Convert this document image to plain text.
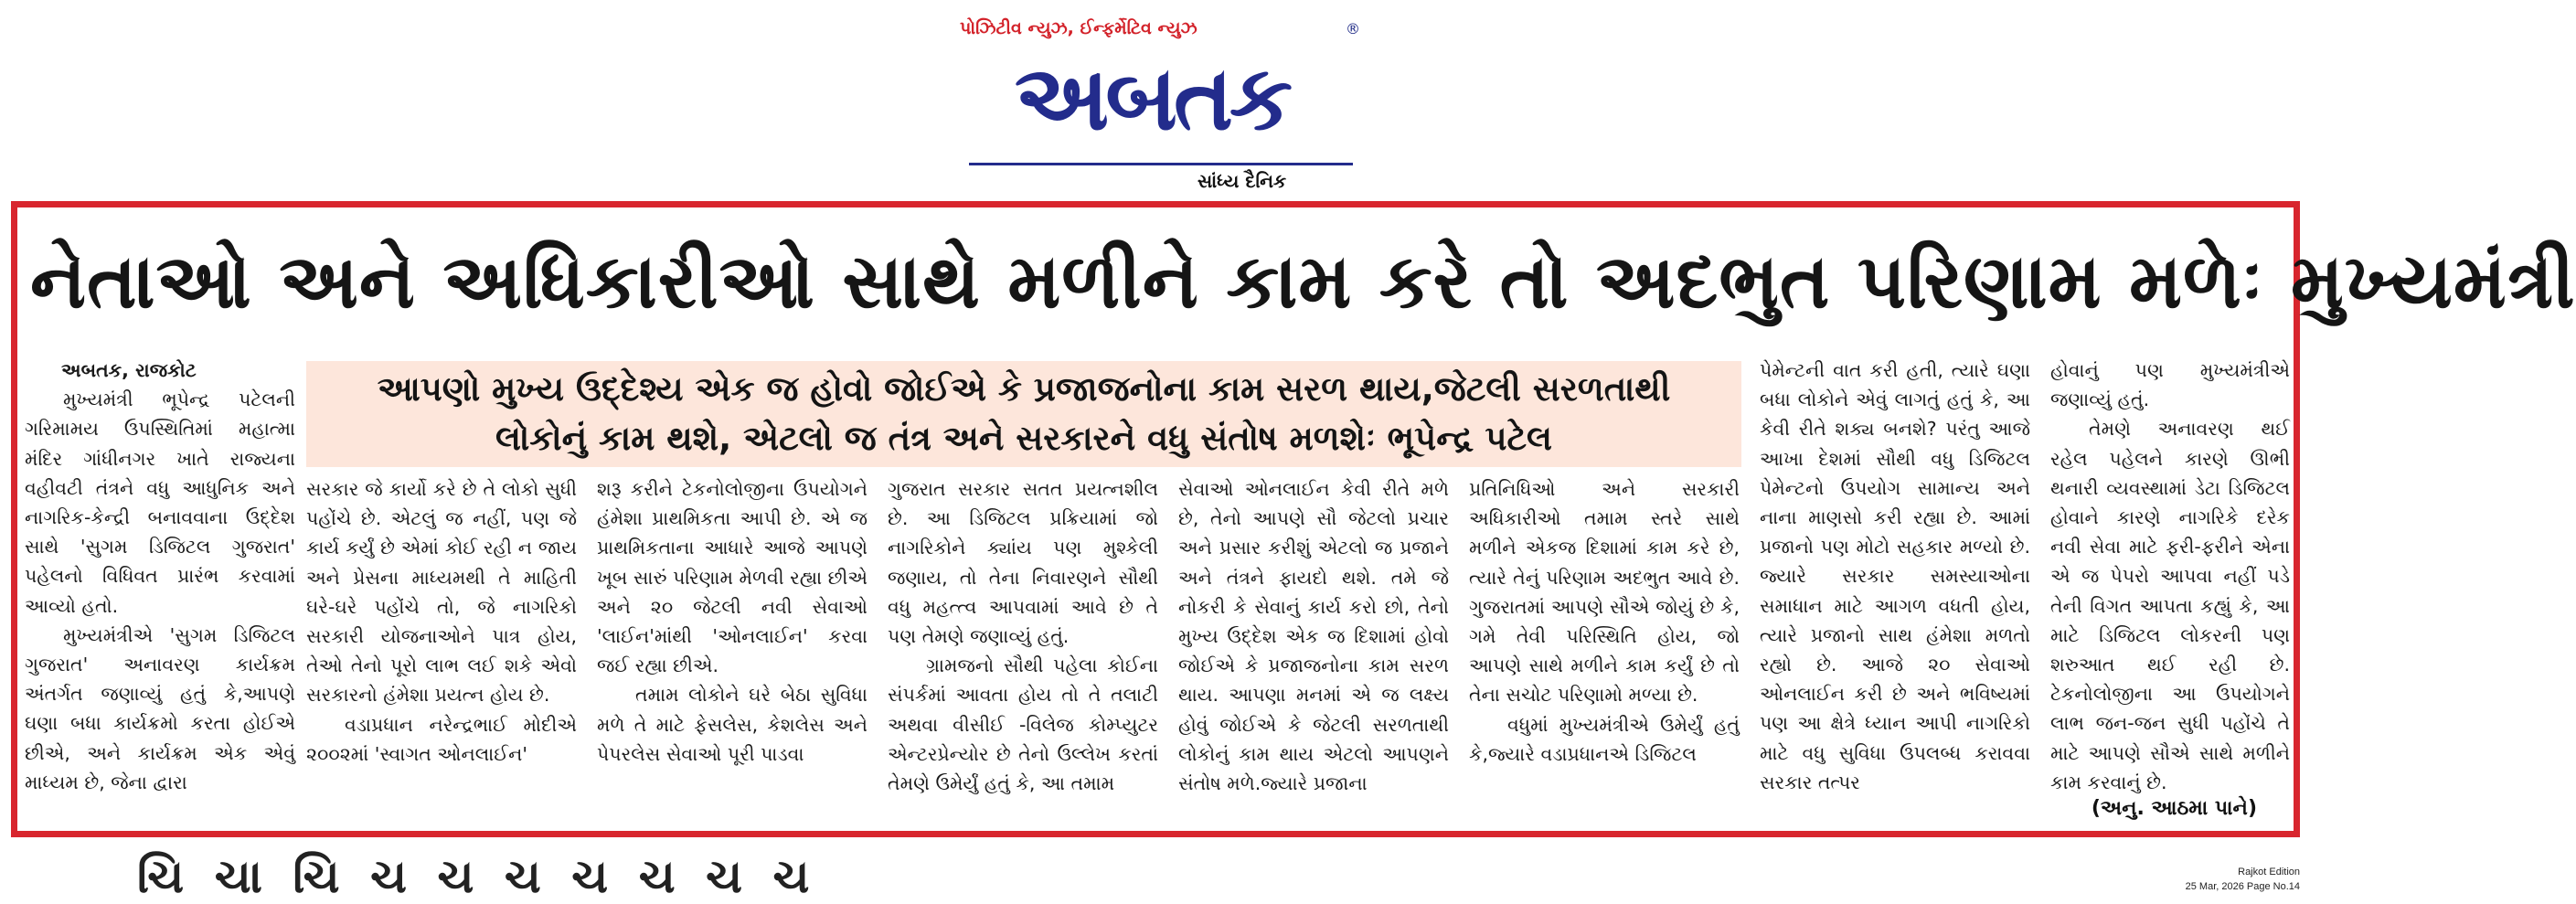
પોઝિટીવ ન્યુઝ, ઈન્ફર્મેટિવ ન્યુઝ	®
અબતક
સાંધ્ય દૈનિક
નેતાઓ અને અધિકારીઓ સાથે મળીને કામ કરે તો અદભુત પરિણામ મળેઃ મુખ્યમંત્રી
આપણો મુખ્ય ઉદ્દેશ્ય એક જ હોવો જોઈએ કે પ્રજાજનોના કામ સરળ થાય,જેટલી સરળતાથી
લોકોનું કામ થશે, એટલો જ તંત્ર અને સરકારને વધુ સંતોષ મળશેઃ ભૂપેન્દ્ર પટેલ
અબતક, રાજકોટ

મુખ્યમંત્રી ભૂપેન્દ્ર પટેલની ગરિમામય ઉપસ્થિતિમાં મહાત્મા મંદિર ગાંધીનગર ખાતે રાજ્યના વહીવટી તંત્રને વધુ આધુનિક અને નાગરિક-કેન્દ્રી બનાવવાના ઉદ્દેશ સાથે 'સુગમ ડિજિટલ ગુજરાત' પહેલનો વિધિવત પ્રારંભ કરવામાં આવ્યો હતો.

મુખ્યમંત્રીએ 'સુગમ ડિજિટલ ગુજરાત' અનાવરણ કાર્યક્રમ અંતર્ગત જણાવ્યું હતું કે,આપણે ઘણા બધા કાર્યક્રમો કરતા હોઈએ છીએ, અને કાર્યક્રમ એક એવું માધ્યમ છે, જેના દ્વારા

સરકાર જે કાર્યો કરે છે તે લોકો સુધી પહોંચે છે. એટલું જ નહીં, પણ જે કાર્ય કર્યું છે એમાં કોઈ રહી ન જાય અને પ્રેસના માધ્યમથી તે માહિતી ઘરે-ઘરે પહોંચે તો, જે નાગરિકો સરકારી યોજનાઓને પાત્ર હોય, તેઓ તેનો પૂરો લાભ લઈ શકે એવો સરકારનો હંમેશા પ્રયત્ન હોય છે.

વડાપ્રધાન નરેન્દ્રભાઈ મોદીએ ૨૦૦૨માં 'સ્વાગત ઓનલાઈન'

શરૂ કરીને ટેકનોલોજીના ઉપયોગને હંમેશા પ્રાથમિકતા આપી છે. એ જ પ્રાથમિકતાના આધારે આજે આપણે ખૂબ સારું પરિણામ મેળવી રહ્યા છીએ અને ૨૦ જેટલી નવી સેવાઓ 'લાઈન'માંથી 'ઓનલાઈન' કરવા જઈ રહ્યા છીએ.

તમામ લોકોને ઘરે બેઠા સુવિધા મળે તે માટે ફેસલેસ, કેશલેસ અને પેપરલેસ સેવાઓ પૂરી પાડવા

ગુજરાત સરકાર સતત પ્રયત્નશીલ છે. આ ડિજિટલ પ્રક્રિયામાં જો નાગરિકોને ક્યાંય પણ મુશ્કેલી જણાય, તો તેના નિવારણને સૌથી વધુ મહત્ત્વ આપવામાં આવે છે તે પણ તેમણે જણાવ્યું હતું.

ગ્રામજનો સૌથી પહેલા કોઈના સંપર્કમાં આવતા હોય તો તે તલાટી અથવા વીસીઈ -વિલેજ કોમ્પ્યુટર એન્ટરપ્રેન્યોર છે તેનો ઉલ્લેખ કરતાં તેમણે ઉમેર્યું હતું કે, આ તમામ

સેવાઓ ઓનલાઈન કેવી રીતે મળે છે, તેનો આપણે સૌ જેટલો પ્રચાર અને પ્રસાર કરીશું એટલો જ પ્રજાને અને તંત્રને ફાયદો થશે. તમે જે નોકરી કે સેવાનું કાર્ય કરો છો, તેનો મુખ્ય ઉદ્દેશ એક જ દિશામાં હોવો જોઈએ કે પ્રજાજનોના કામ સરળ થાય. આપણા મનમાં એ જ લક્ષ્ય હોવું જોઈએ કે જેટલી સરળતાથી લોકોનું કામ થાય એટલો આપણને સંતોષ મળે.જ્યારે પ્રજાના

પ્રતિનિધિઓ અને સરકારી અધિકારીઓ તમામ સ્તરે સાથે મળીને એકજ દિશામાં કામ કરે છે, ત્યારે તેનું પરિણામ અદભુત આવે છે. ગુજરાતમાં આપણે સૌએ જોયું છે કે, ગમે તેવી પરિસ્થિતિ હોય, જો આપણે સાથે મળીને કામ કર્યું છે તો તેના સચોટ પરિણામો મળ્યા છે.

વધુમાં મુખ્યમંત્રીએ ઉમેર્યું હતું કે,જ્યારે વડાપ્રધાનએ ડિજિટલ

પેમેન્ટની વાત કરી હતી, ત્યારે ઘણા બધા લોકોને એવું લાગતું હતું કે, આ કેવી રીતે શક્ય બનશે? પરંતુ આજે આખા દેશમાં સૌથી વધુ ડિજિટલ પેમેન્ટનો ઉપયોગ સામાન્ય અને નાના માણસો કરી રહ્યા છે. આમાં પ્રજાનો પણ મોટો સહકાર મળ્યો છે. જ્યારે સરકાર સમસ્યાઓના સમાધાન માટે આગળ વધતી હોય, ત્યારે પ્રજાનો સાથ હંમેશા મળતો રહ્યો છે. આજે ૨૦ સેવાઓ ઓનલાઈન કરી છે અને ભવિષ્યમાં પણ આ ક્ષેત્રે ધ્યાન આપી નાગરિકો માટે વધુ સુવિધા ઉપલબ્ધ કરાવવા સરકાર તત્પર

હોવાનું પણ મુખ્યમંત્રીએ જણાવ્યું હતું.

તેમણે અનાવરણ થઈ રહેલ પહેલને કારણે ઊભી થનારી વ્યવસ્થામાં ડેટા ડિજિટલ હોવાને કારણે નાગરિકે દરેક નવી સેવા માટે ફરી-ફરીને એના એ જ પેપરો આપવા નહીં પડે તેની વિગત આપતા કહ્યું કે, આ માટે ડિજિટલ લોકરની પણ શરુઆત થઈ રહી છે. ટેકનોલોજીના આ ઉપયોગને લાભ જન-જન સુધી પહોંચે તે માટે આપણે સૌએ સાથે મળીને કામ કરવાનું છે.

(અનુ. આઠમા પાને)
ચિ ચા ચિ ચ ચ ચ ચ ચ ચ ચ	Rajkot Edition
25 Mar, 2026 Page No.14
